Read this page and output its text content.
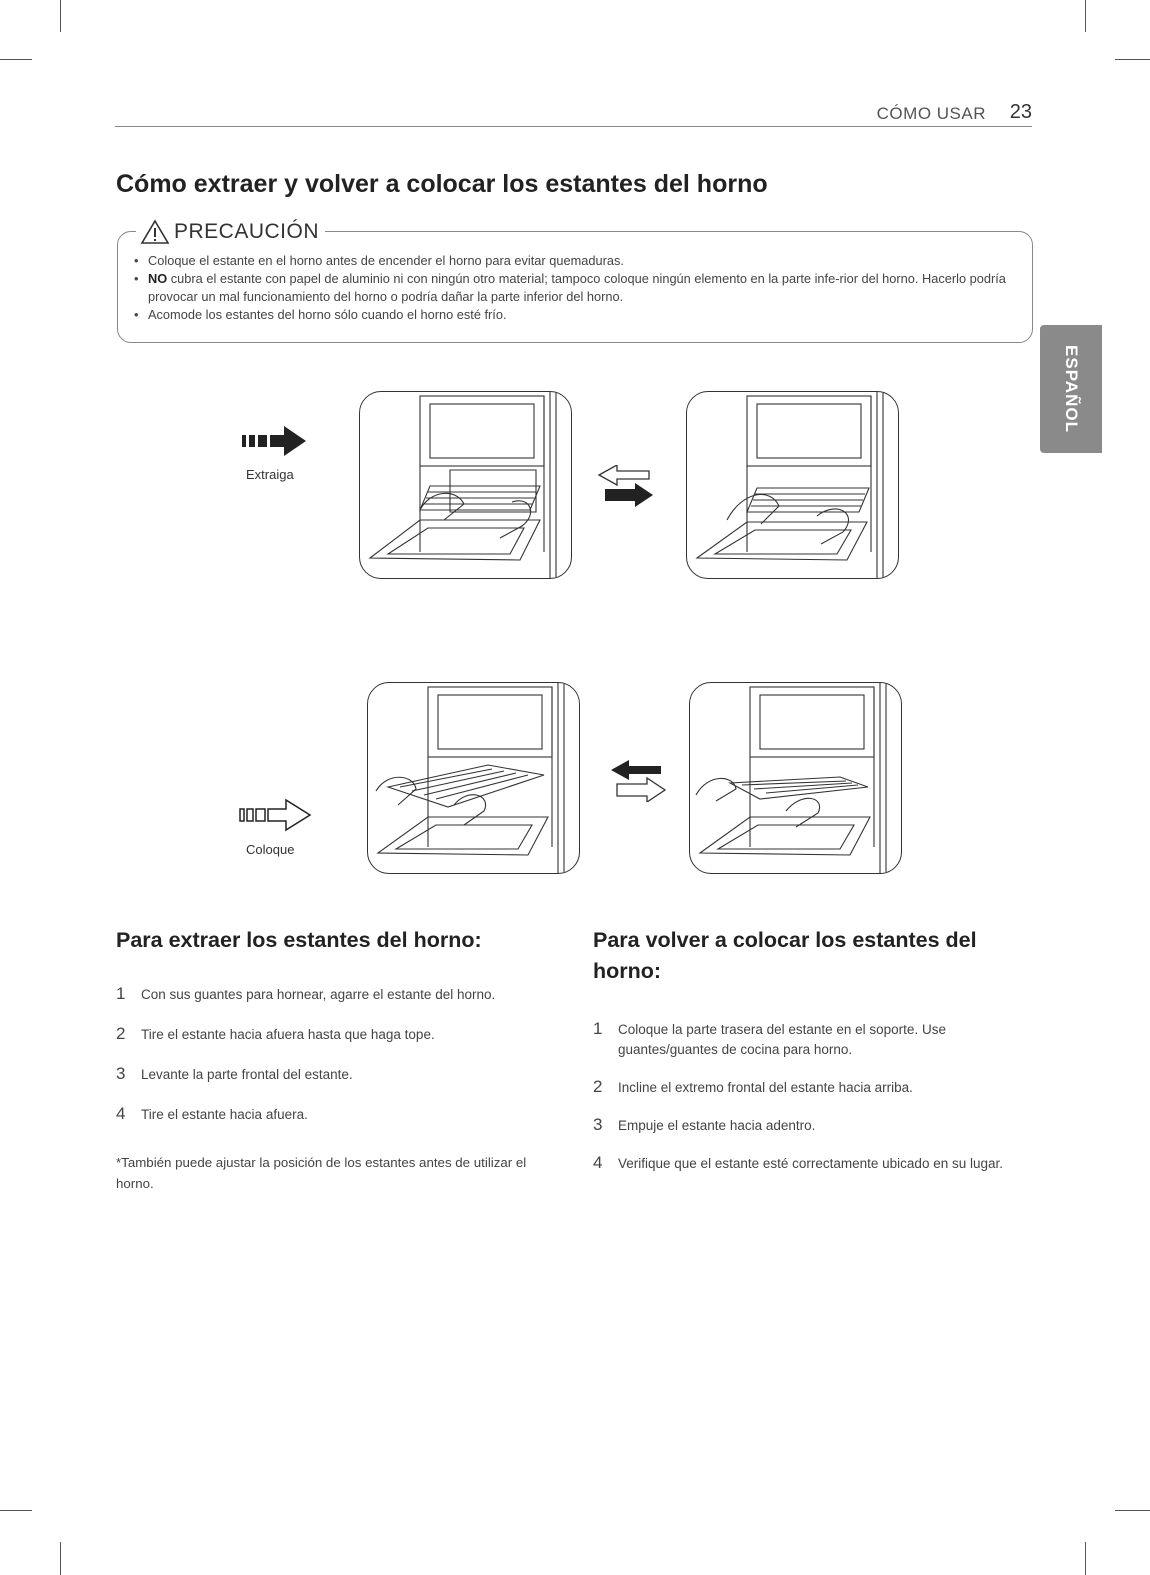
CÓMO USAR 23
Cómo extraer y volver a colocar los estantes del horno
PRECAUCIÓN
• Coloque el estante en el horno antes de encender el horno para evitar quemaduras.
• NO cubra el estante con papel de aluminio ni con ningún otro material; tampoco coloque ningún elemento en la parte infe-rior del horno. Hacerlo podría provocar un mal funcionamiento del horno o podría dañar la parte inferior del horno.
• Acomode los estantes del horno sólo cuando el horno esté frío.
ESPAÑOL
Extraiga
Coloque
Para extraer los estantes del horno:
1 Con sus guantes para hornear, agarre el estante del horno.
2 Tire el estante hacia afuera hasta que haga tope.
3 Levante la parte frontal del estante.
4 Tire el estante hacia afuera.
*También puede ajustar la posición de los estantes antes de utilizar el horno.
Para volver a colocar los estantes del horno:
1 Coloque la parte trasera del estante en el soporte. Use guantes/guantes de cocina para horno.
2 Incline el extremo frontal del estante hacia arriba.
3 Empuje el estante hacia adentro.
4 Verifique que el estante esté correctamente ubicado en su lugar.
